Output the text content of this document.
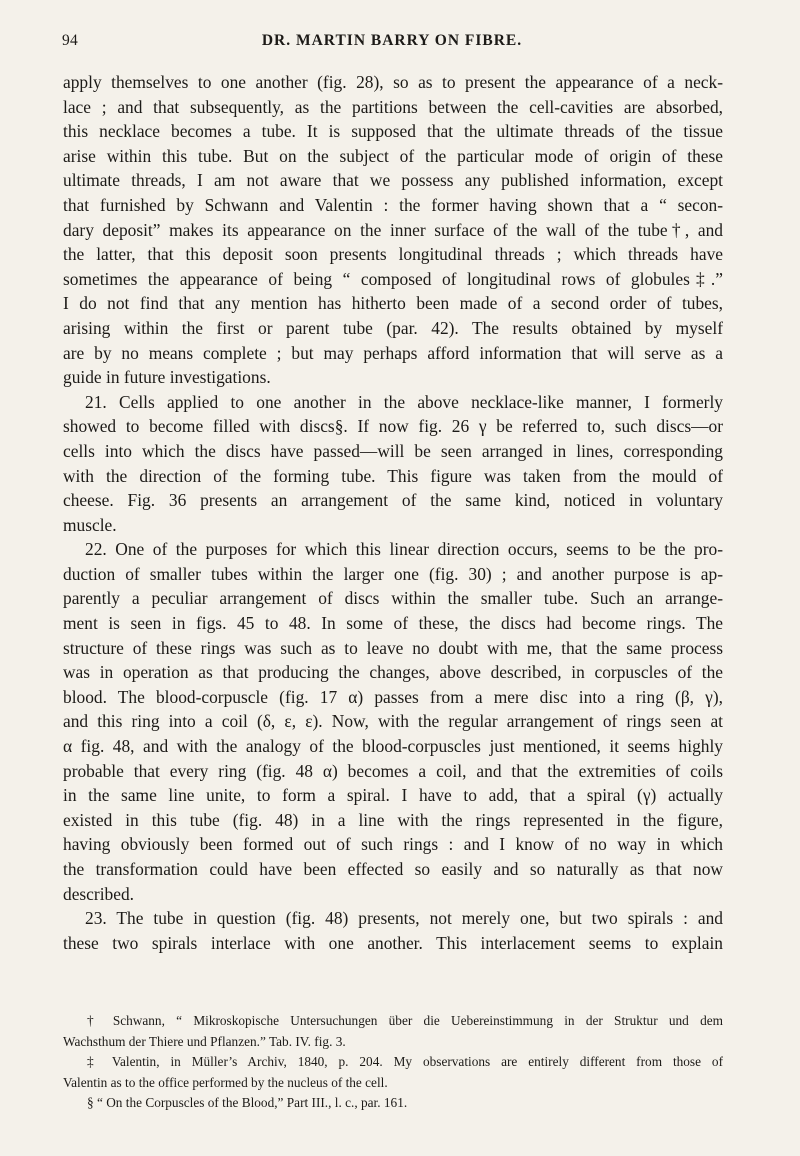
94	DR. MARTIN BARRY ON FIBRE.
apply themselves to one another (fig. 28), so as to present the appearance of a neck-
lace ; and that subsequently, as the partitions between the cell-cavities are absorbed,
this necklace becomes a tube. It is supposed that the ultimate threads of the tissue
arise within this tube. But on the subject of the particular mode of origin of these
ultimate threads, I am not aware that we possess any published information, except
that furnished by Schwann and Valentin : the former having shown that a “ secon-
dary deposit” makes its appearance on the inner surface of the wall of the tube†, and
the latter, that this deposit soon presents longitudinal threads ; which threads have
sometimes the appearance of being “ composed of longitudinal rows of globules‡.”
I do not find that any mention has hitherto been made of a second order of tubes,
arising within the first or parent tube (par. 42). The results obtained by myself
are by no means complete ; but may perhaps afford information that will serve as a
guide in future investigations.
21. Cells applied to one another in the above necklace-like manner, I formerly
showed to become filled with discs§. If now fig. 26 γ be referred to, such discs—or
cells into which the discs have passed—will be seen arranged in lines, corresponding
with the direction of the forming tube. This figure was taken from the mould of
cheese. Fig. 36 presents an arrangement of the same kind, noticed in voluntary
muscle.
22. One of the purposes for which this linear direction occurs, seems to be the pro-
duction of smaller tubes within the larger one (fig. 30) ; and another purpose is ap-
parently a peculiar arrangement of discs within the smaller tube. Such an arrange-
ment is seen in figs. 45 to 48. In some of these, the discs had become rings. The
structure of these rings was such as to leave no doubt with me, that the same process
was in operation as that producing the changes, above described, in corpuscles of the
blood. The blood-corpuscle (fig. 17 α) passes from a mere disc into a ring (β, γ),
and this ring into a coil (δ, ε, ε). Now, with the regular arrangement of rings seen at
α fig. 48, and with the analogy of the blood-corpuscles just mentioned, it seems highly
probable that every ring (fig. 48 α) becomes a coil, and that the extremities of coils
in the same line unite, to form a spiral. I have to add, that a spiral (γ) actually
existed in this tube (fig. 48) in a line with the rings represented in the figure,
having obviously been formed out of such rings : and I know of no way in which
the transformation could have been effected so easily and so naturally as that now
described.
23. The tube in question (fig. 48) presents, not merely one, but two spirals : and
these two spirals interlace with one another. This interlacement seems to explain
† Schwann, “ Mikroskopische Untersuchungen über die Uebereinstimmung in der Struktur und dem
Wachsthum der Thiere und Pflanzen.” Tab. IV. fig. 3.
‡ Valentin, in Müller’s Archiv, 1840, p. 204. My observations are entirely different from those of
Valentin as to the office performed by the nucleus of the cell.
§ “ On the Corpuscles of the Blood,” Part III., l. c., par. 161.
